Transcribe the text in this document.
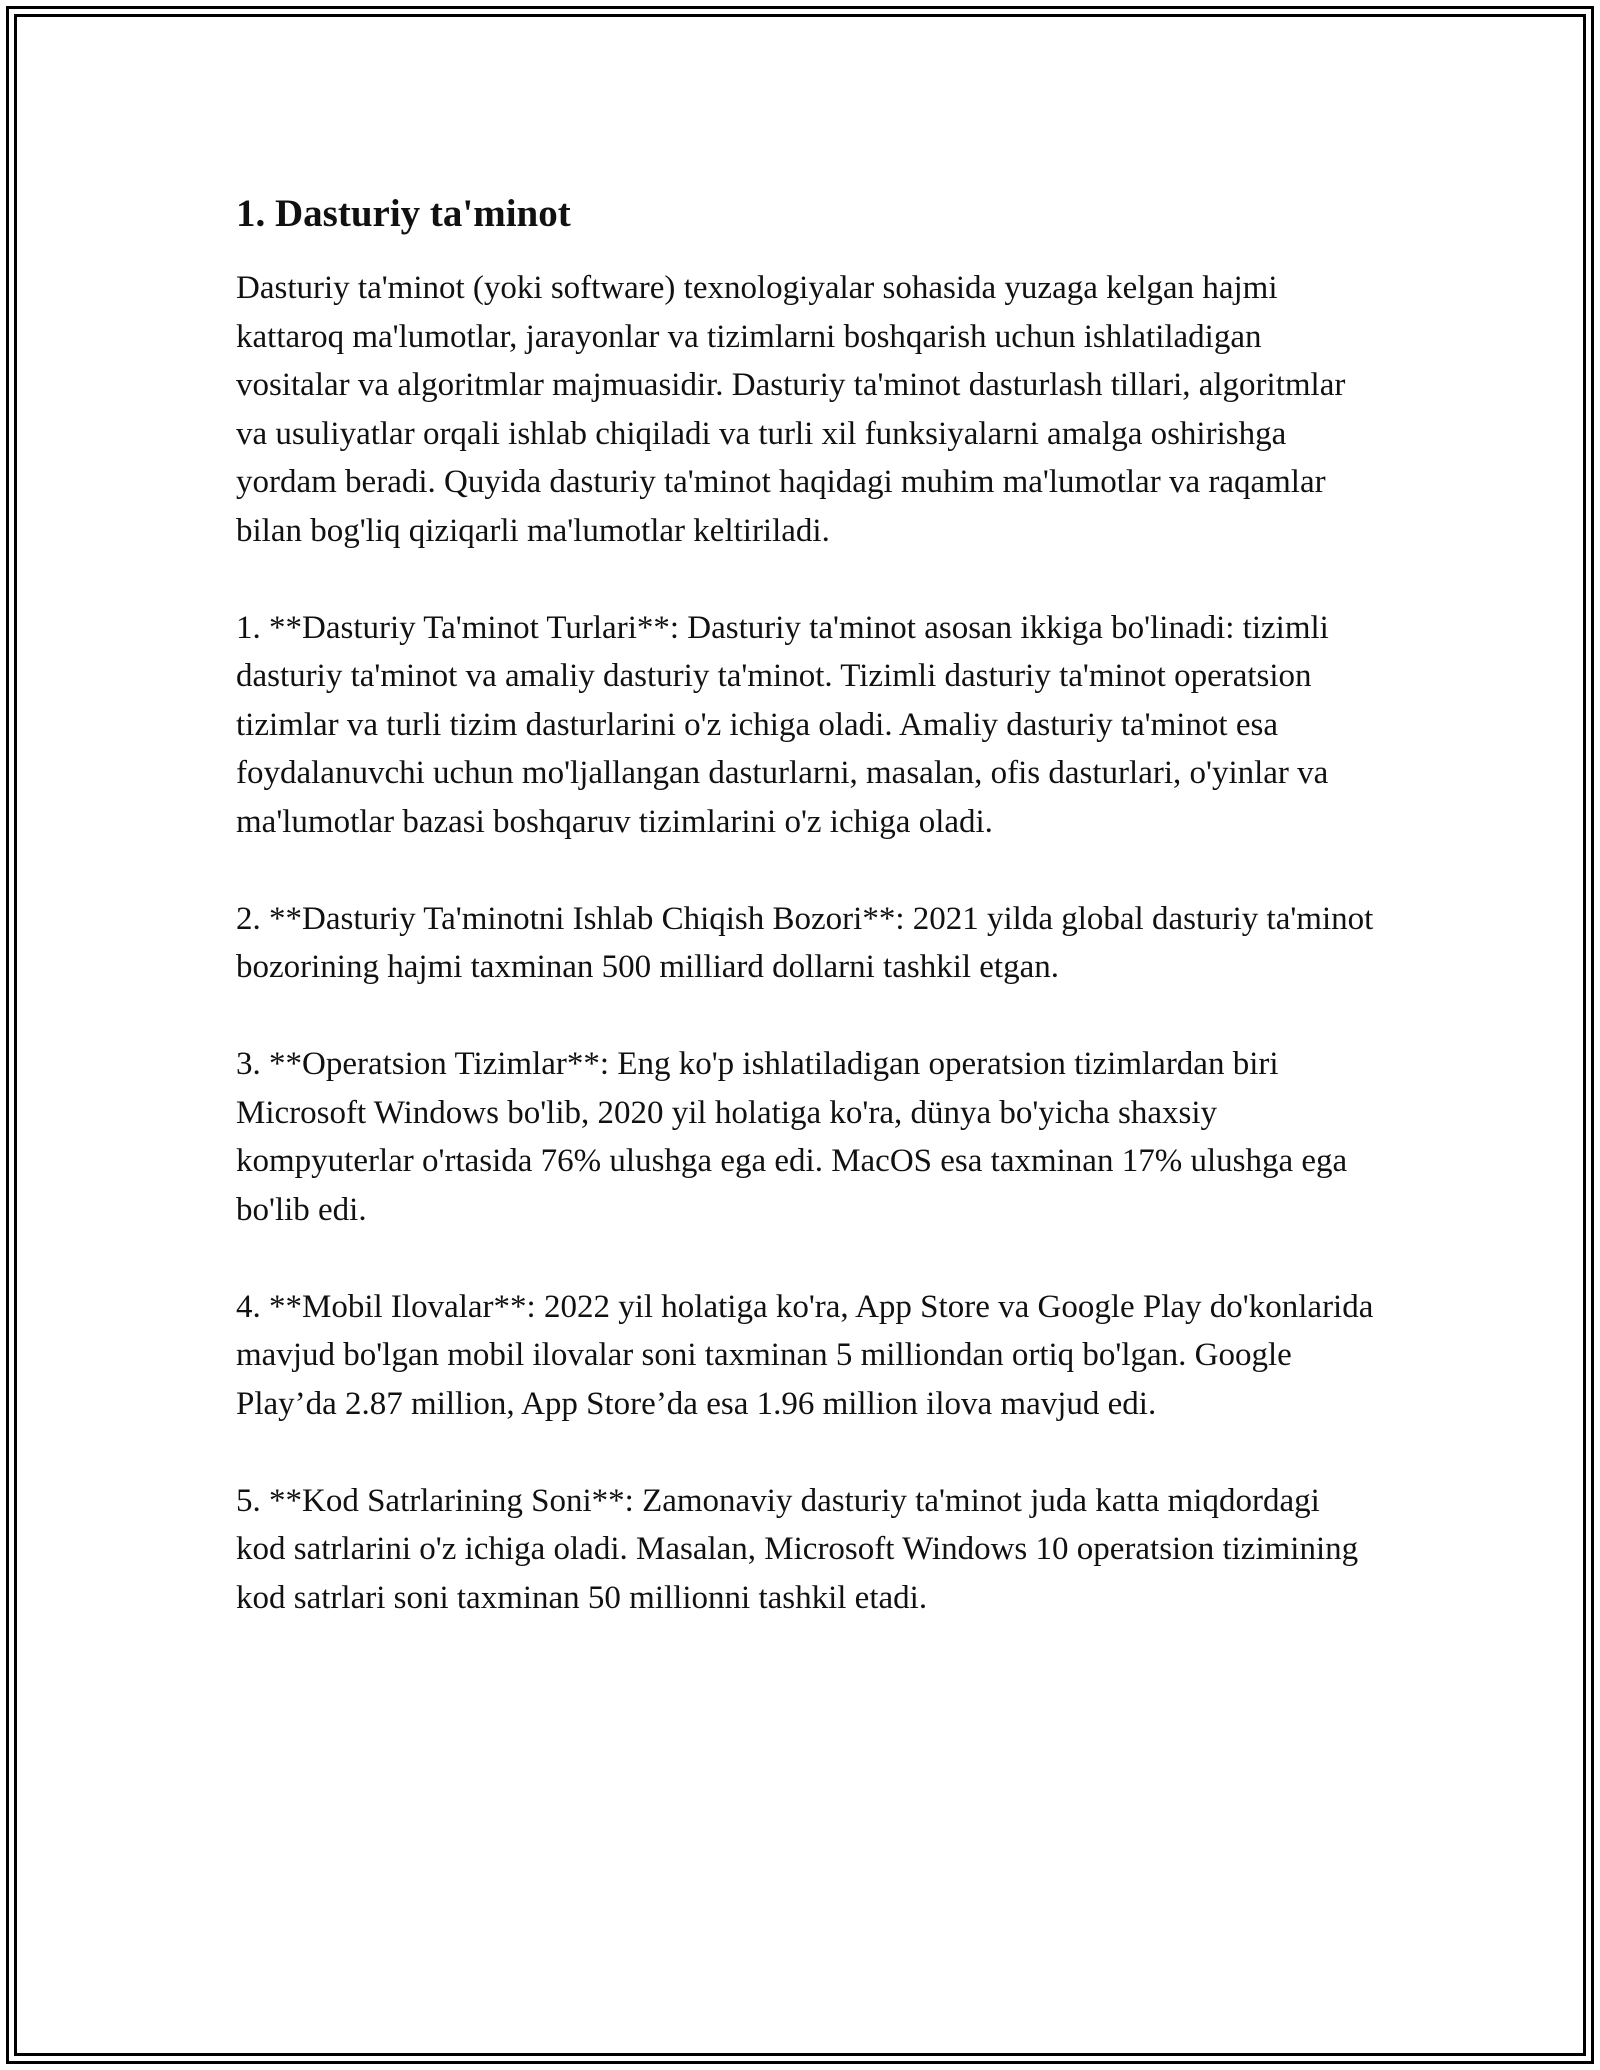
1. Dasturiy ta'minot

Dasturiy ta'minot (yoki software) texnologiyalar sohasida yuzaga kelgan hajmi kattaroq ma'lumotlar, jarayonlar va tizimlarni boshqarish uchun ishlatiladigan vositalar va algoritmlar majmuasidir. Dasturiy ta'minot dasturlash tillari, algoritmlar va usuliyatlar orqali ishlab chiqiladi va turli xil funksiyalarni amalga oshirishga yordam beradi. Quyida dasturiy ta'minot haqidagi muhim ma'lumotlar va raqamlar bilan bog'liq qiziqarli ma'lumotlar keltiriladi.

1. **Dasturiy Ta'minot Turlari**: Dasturiy ta'minot asosan ikkiga bo'linadi: tizimli dasturiy ta'minot va amaliy dasturiy ta'minot. Tizimli dasturiy ta'minot operatsion tizimlar va turli tizim dasturlarini o'z ichiga oladi. Amaliy dasturiy ta'minot esa foydalanuvchi uchun mo'ljallangan dasturlarni, masalan, ofis dasturlari, o'yinlar va ma'lumotlar bazasi boshqaruv tizimlarini o'z ichiga oladi.

2. **Dasturiy Ta'minotni Ishlab Chiqish Bozori**: 2021 yilda global dasturiy ta'minot bozorining hajmi taxminan 500 milliard dollarni tashkil etgan.

3. **Operatsion Tizimlar**: Eng ko'p ishlatiladigan operatsion tizimlardan biri Microsoft Windows bo'lib, 2020 yil holatiga ko'ra, dünya bo'yicha shaxsiy kompyuterlar o'rtasida 76% ulushga ega edi. MacOS esa taxminan 17% ulushga ega bo'lib edi.

4. **Mobil Ilovalar**: 2022 yil holatiga ko'ra, App Store va Google Play do'konlarida mavjud bo'lgan mobil ilovalar soni taxminan 5 milliondan ortiq bo'lgan. Google Play’da 2.87 million, App Store’da esa 1.96 million ilova mavjud edi.

5. **Kod Satrlarining Soni**: Zamonaviy dasturiy ta'minot juda katta miqdordagi kod satrlarini o'z ichiga oladi. Masalan, Microsoft Windows 10 operatsion tizimining kod satrlari soni taxminan 50 millionni tashkil etadi.
